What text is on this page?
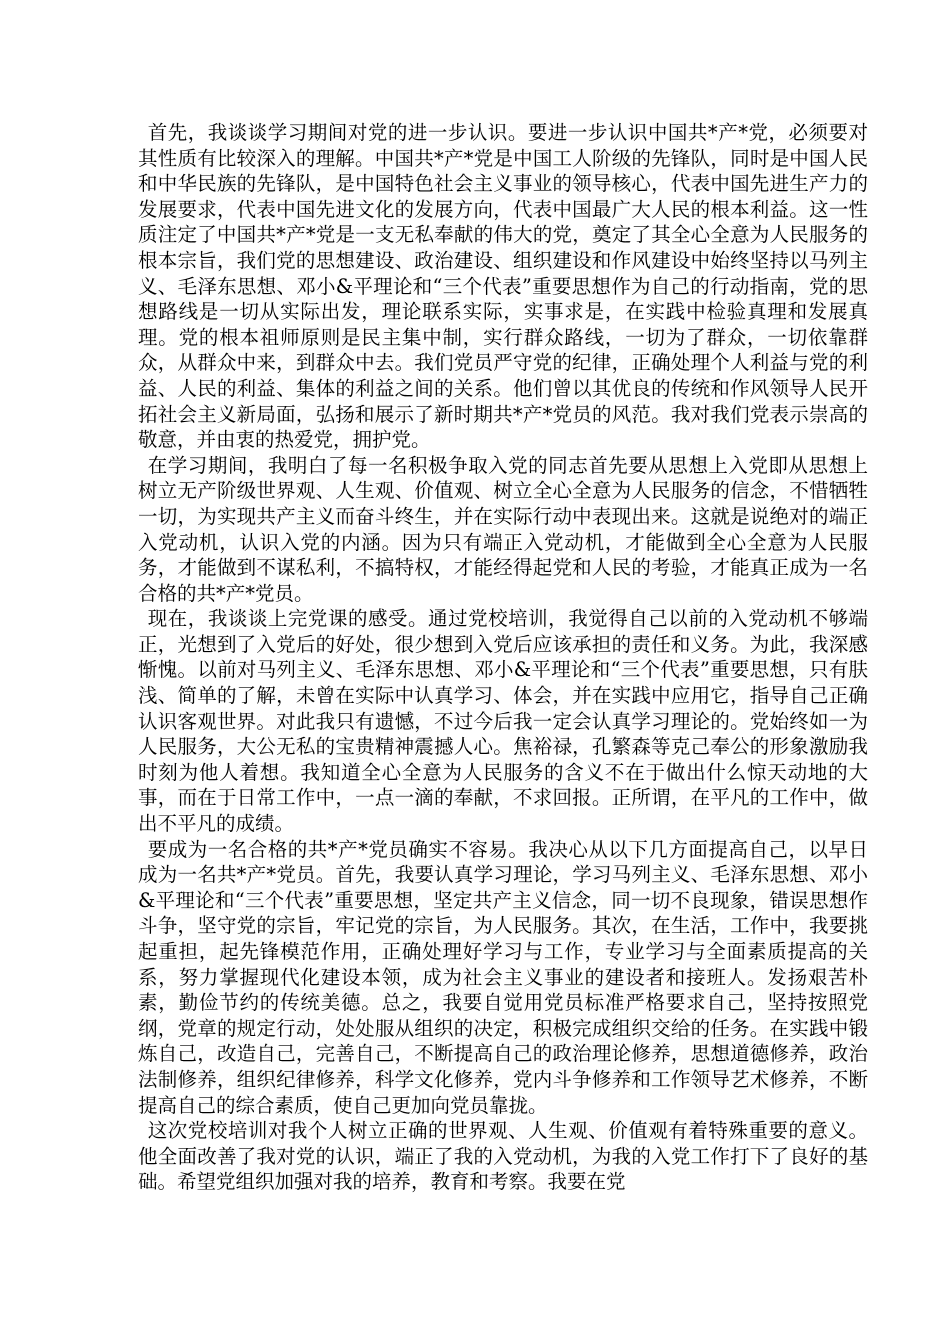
首先，我谈谈学习期间对党的进一步认识。要进一步认识中国共*产*党，必须要对其性质有比较深入的理解。中国共*产*党是中国工人阶级的先锋队，同时是中国人民和中华民族的先锋队，是中国特色社会主义事业的领导核心，代表中国先进生产力的发展要求，代表中国先进文化的发展方向，代表中国最广大人民的根本利益。这一性质注定了中国共*产*党是一支无私奉献的伟大的党，奠定了其全心全意为人民服务的根本宗旨，我们党的思想建设、政治建设、组织建设和作风建设中始终坚持以马列主义、毛泽东思想、邓小&平理论和“三个代表”重要思想作为自己的行动指南，党的思想路线是一切从实际出发，理论联系实际，实事求是，在实践中检验真理和发展真理。党的根本祖师原则是民主集中制，实行群众路线，一切为了群众，一切依靠群众，从群众中来，到群众中去。我们党员严守党的纪律，正确处理个人利益与党的利益、人民的利益、集体的利益之间的关系。他们曾以其优良的传统和作风领导人民开拓社会主义新局面，弘扬和展示了新时期共*产*党员的风范。我对我们党表示崇高的敬意，并由衷的热爱党，拥护党。

在学习期间，我明白了每一名积极争取入党的同志首先要从思想上入党即从思想上树立无产阶级世界观、人生观、价值观、树立全心全意为人民服务的信念，不惜牺牲一切，为实现共产主义而奋斗终生，并在实际行动中表现出来。这就是说绝对的端正入党动机，认识入党的内涵。因为只有端正入党动机，才能做到全心全意为人民服务，才能做到不谋私利，不搞特权，才能经得起党和人民的考验，才能真正成为一名合格的共*产*党员。

现在，我谈谈上完党课的感受。通过党校培训，我觉得自己以前的入党动机不够端正，光想到了入党后的好处，很少想到入党后应该承担的责任和义务。为此，我深感惭愧。以前对马列主义、毛泽东思想、邓小&平理论和“三个代表”重要思想，只有肤浅、简单的了解，未曾在实际中认真学习、体会，并在实践中应用它，指导自己正确认识客观世界。对此我只有遗憾，不过今后我一定会认真学习理论的。党始终如一为人民服务，大公无私的宝贵精神震撼人心。焦裕禄，孔繁森等克己奉公的形象激励我时刻为他人着想。我知道全心全意为人民服务的含义不在于做出什么惊天动地的大事，而在于日常工作中，一点一滴的奉献，不求回报。正所谓，在平凡的工作中，做出不平凡的成绩。

要成为一名合格的共*产*党员确实不容易。我决心从以下几方面提高自己，以早日成为一名共*产*党员。首先，我要认真学习理论，学习马列主义、毛泽东思想、邓小&平理论和“三个代表”重要思想，坚定共产主义信念，同一切不良现象，错误思想作斗争，坚守党的宗旨，牢记党的宗旨，为人民服务。其次，在生活，工作中，我要挑起重担，起先锋模范作用，正确处理好学习与工作，专业学习与全面素质提高的关系，努力掌握现代化建设本领，成为社会主义事业的建设者和接班人。发扬艰苦朴素，勤俭节约的传统美德。总之，我要自觉用党员标准严格要求自己，坚持按照党纲，党章的规定行动，处处服从组织的决定，积极完成组织交给的任务。在实践中锻炼自己，改造自己，完善自己，不断提高自己的政治理论修养，思想道德修养，政治法制修养，组织纪律修养，科学文化修养，党内斗争修养和工作领导艺术修养，不断提高自己的综合素质，使自己更加向党员靠拢。

这次党校培训对我个人树立正确的世界观、人生观、价值观有着特殊重要的意义。他全面改善了我对党的认识，端正了我的入党动机，为我的入党工作打下了良好的基础。希望党组织加强对我的培养，教育和考察。我要在党
